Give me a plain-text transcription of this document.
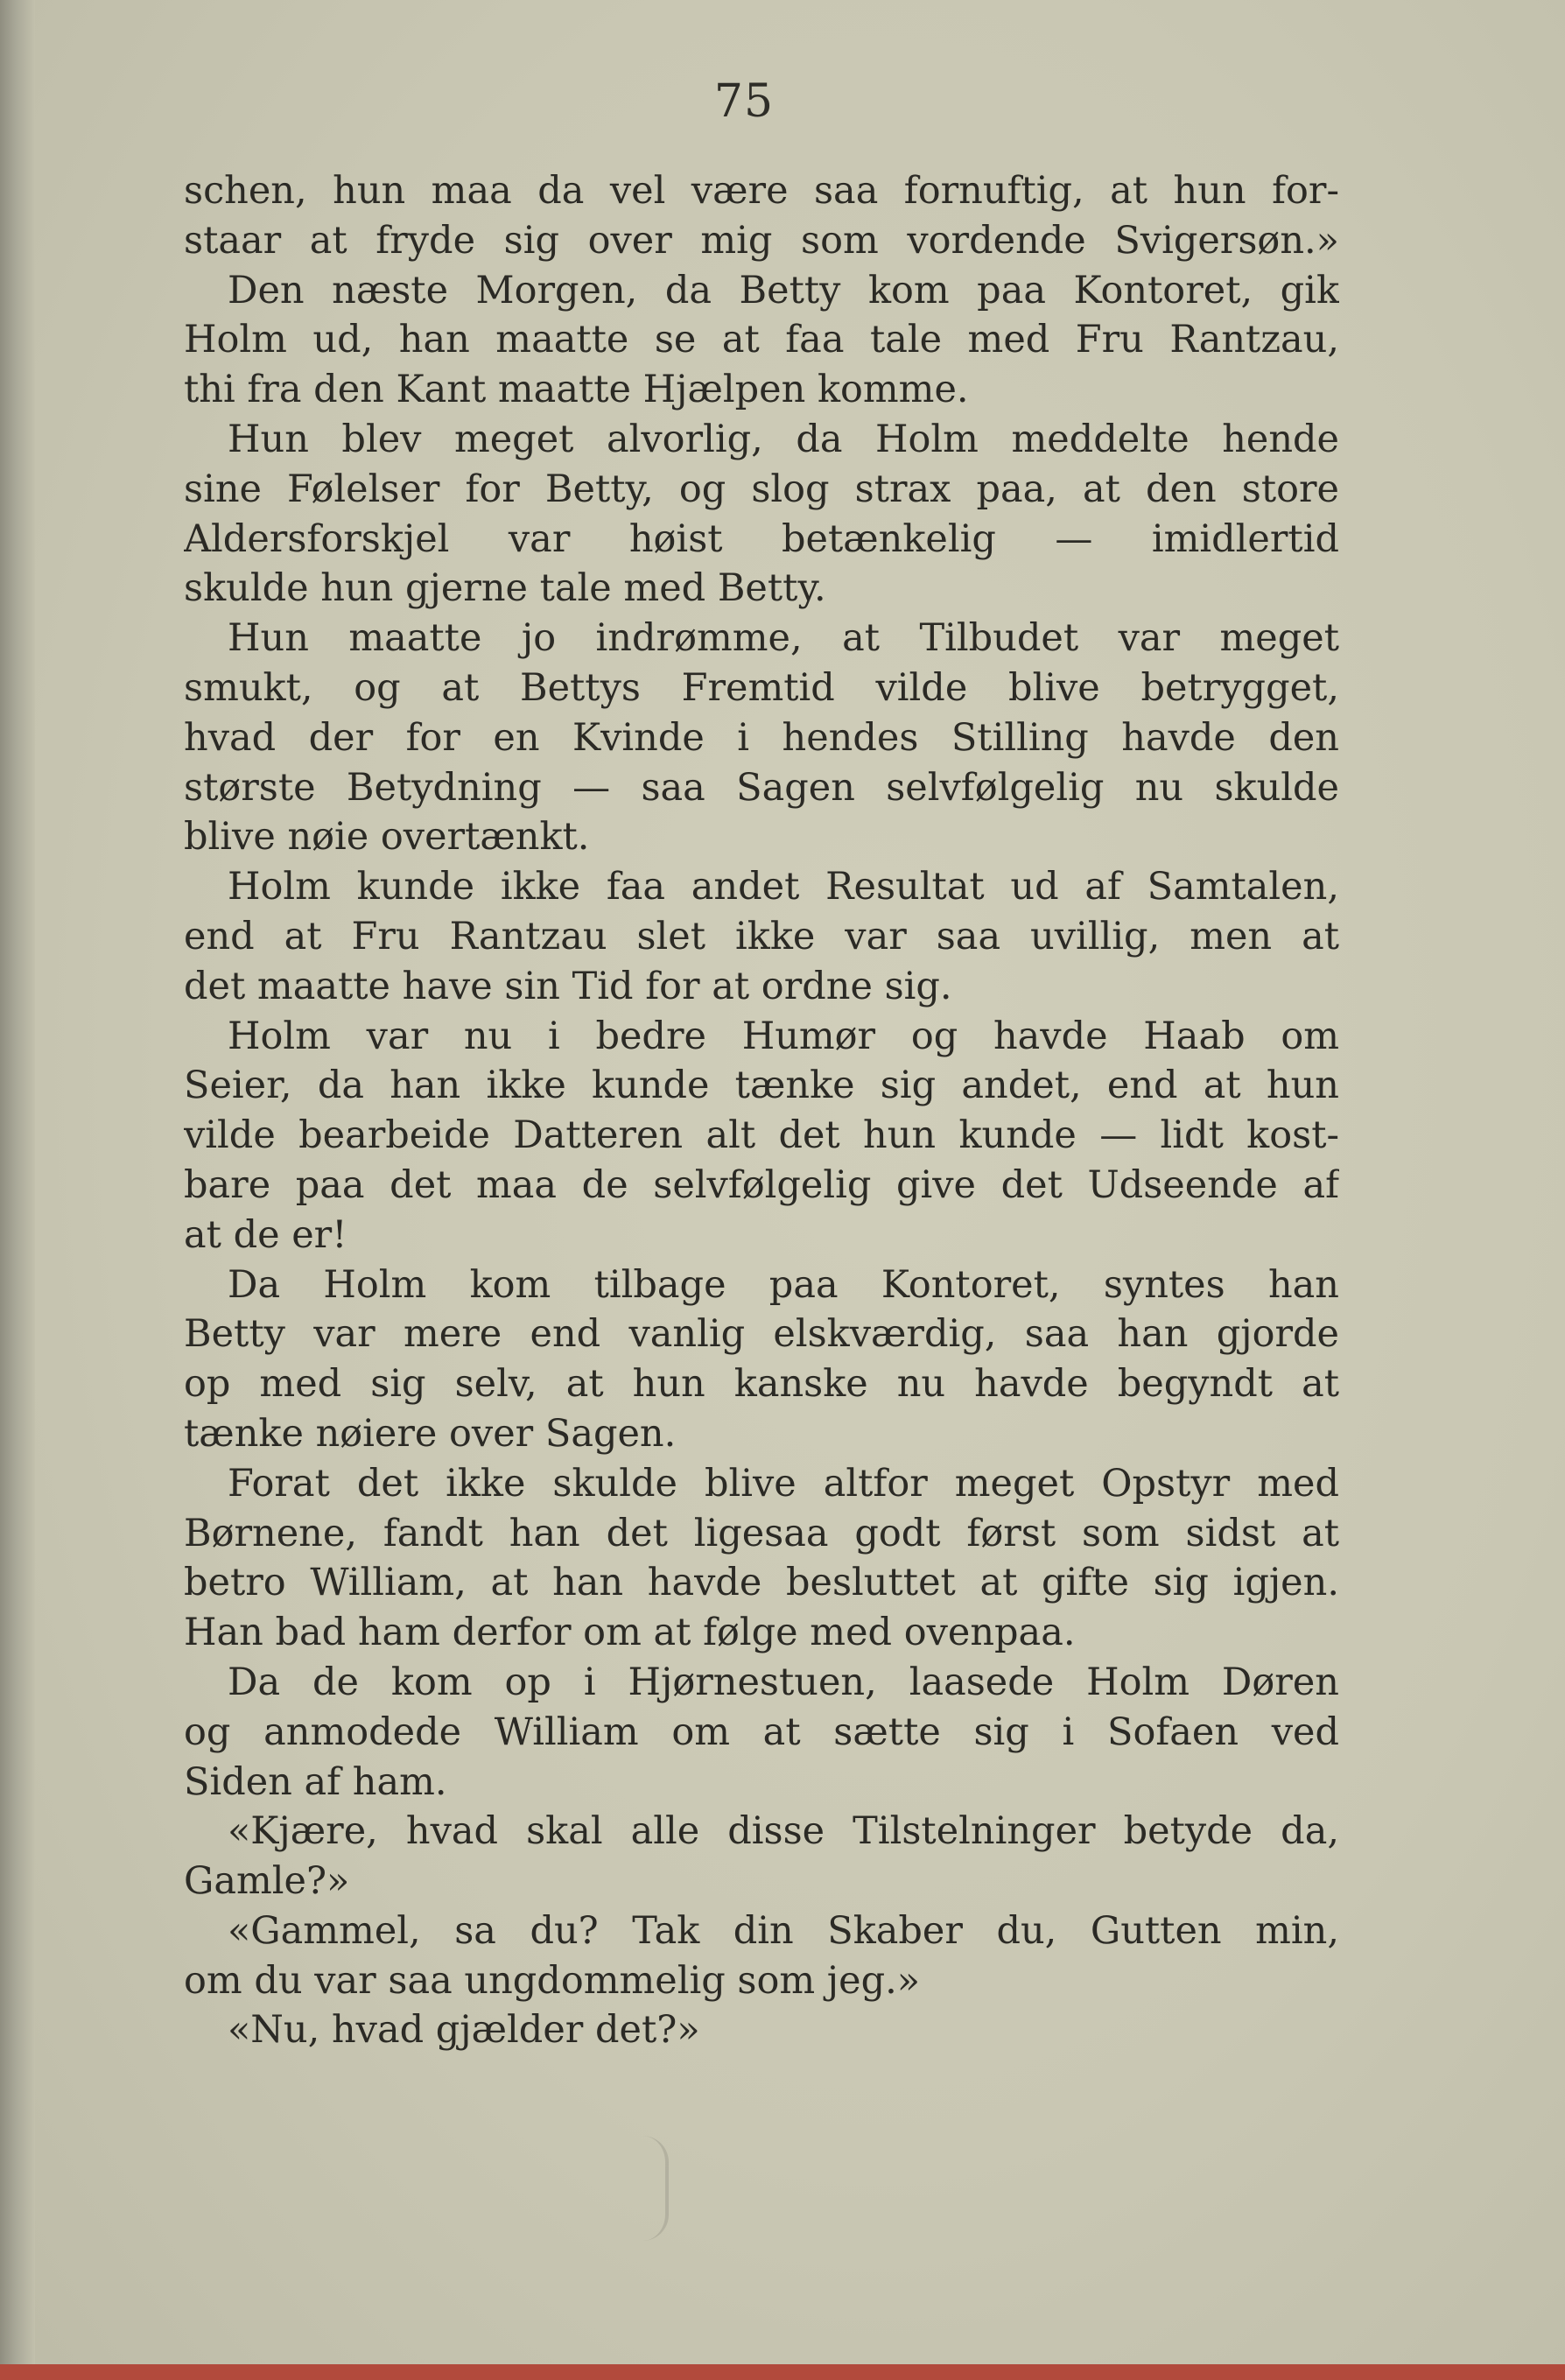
75
schen, hun maa da vel være saa fornuftig, at hun for-
staar at fryde sig over mig som vordende Svigersøn.»
Den næste Morgen, da Betty kom paa Kontoret, gik
Holm ud, han maatte se at faa tale med Fru Rantzau,
thi fra den Kant maatte Hjælpen komme.
Hun blev meget alvorlig, da Holm meddelte hende
sine Følelser for Betty, og slog strax paa, at den store
Aldersforskjel var høist betænkelig — imidlertid
skulde hun gjerne tale med Betty.
Hun maatte jo indrømme, at Tilbudet var meget
smukt, og at Bettys Fremtid vilde blive betrygget,
hvad der for en Kvinde i hendes Stilling havde den
største Betydning — saa Sagen selvfølgelig nu skulde
blive nøie overtænkt.
Holm kunde ikke faa andet Resultat ud af Samtalen,
end at Fru Rantzau slet ikke var saa uvillig, men at
det maatte have sin Tid for at ordne sig.
Holm var nu i bedre Humør og havde Haab om
Seier, da han ikke kunde tænke sig andet, end at hun
vilde bearbeide Datteren alt det hun kunde — lidt kost-
bare paa det maa de selvfølgelig give det Udseende af
at de er!
Da Holm kom tilbage paa Kontoret, syntes han
Betty var mere end vanlig elskværdig, saa han gjorde
op med sig selv, at hun kanske nu havde begyndt at
tænke nøiere over Sagen.
Forat det ikke skulde blive altfor meget Opstyr med
Børnene, fandt han det ligesaa godt først som sidst at
betro William, at han havde besluttet at gifte sig igjen.
Han bad ham derfor om at følge med ovenpaa.
Da de kom op i Hjørnestuen, laasede Holm Døren
og anmodede William om at sætte sig i Sofaen ved
Siden af ham.
«Kjære, hvad skal alle disse Tilstelninger betyde da,
Gamle?»
«Gammel, sa du? Tak din Skaber du, Gutten min,
om du var saa ungdommelig som jeg.»
«Nu, hvad gjælder det?»
